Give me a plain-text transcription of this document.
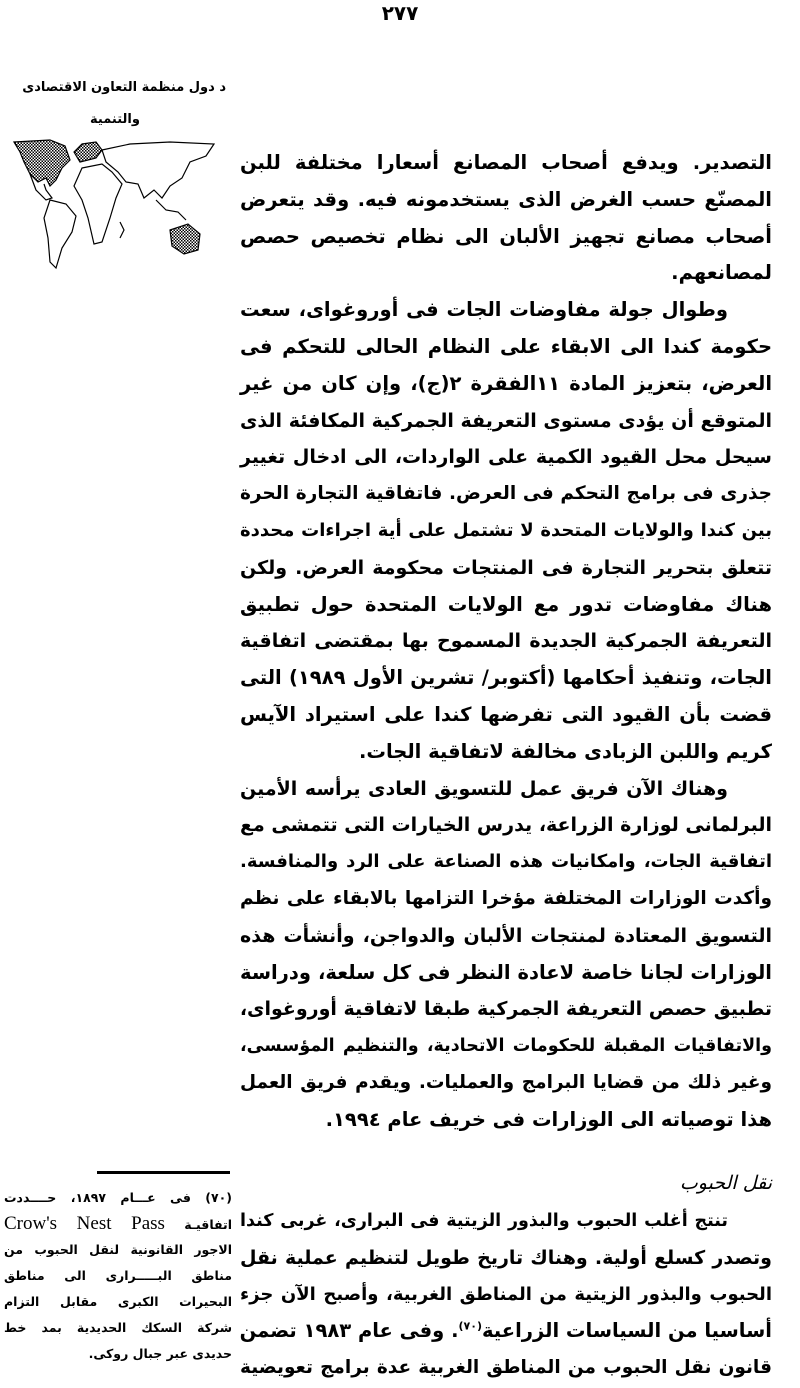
٢٧٧
د دول منظمة التعاون الاقتصادى
والتنمية
التصدير. ويدفع أصحاب المصانع أسعارا مختلفة للبن
المصنّع حسب الغرض الذى يستخدمونه فيه. وقد يتعرض
أصحاب مصانع تجهيز الألبان الى نظام تخصيص حصص
لمصانعهم.
وطوال جولة مفاوضات الجات فى أوروغواى، سعت
حكومة كندا الى الابقاء على النظام الحالى للتحكم فى
العرض، بتعزيز المادة ١١الفقرة ٢(ج)، وإن كان من غير
المتوقع أن يؤدى مستوى التعريفة الجمركية المكافئة الذى
سيحل محل القيود الكمية على الواردات، الى ادخال تغيير
جذرى فى برامج التحكم فى العرض. فاتفاقية التجارة الحرة
بين كندا والولايات المتحدة لا تشتمل على أية اجراءات محددة
تتعلق بتحرير التجارة فى المنتجات محكومة العرض. ولكن
هناك مفاوضات تدور مع الولايات المتحدة حول تطبيق
التعريفة الجمركية الجديدة المسموح بها بمقتضى اتفاقية
الجات، وتنفيذ أحكامها (أكتوبر/ تشرين الأول ١٩٨٩) التى
قضت بأن القيود التى تفرضها كندا على استيراد الآيس
كريم واللبن الزبادى مخالفة لاتفاقية الجات.
وهناك الآن فريق عمل للتسويق العادى يرأسه الأمين
البرلمانى لوزارة الزراعة، يدرس الخيارات التى تتمشى مع
اتفاقية الجات، وامكانيات هذه الصناعة على الرد والمنافسة.
وأكدت الوزارات المختلفة مؤخرا التزامها بالابقاء على نظم
التسويق المعتادة لمنتجات الألبان والدواجن، وأنشأت هذه
الوزارات لجانا خاصة لاعادة النظر فى كل سلعة، ودراسة
تطبيق حصص التعريفة الجمركية طبقا لاتفاقية أوروغواى،
والاتفاقيات المقبلة للحكومات الاتحادية، والتنظيم المؤسسى،
وغير ذلك من قضايا البرامج والعمليات. ويقدم فريق العمل
هذا توصياته الى الوزارات فى خريف عام ١٩٩٤.
نقل الحبوب
تنتج أغلب الحبوب والبذور الزيتية فى البرارى، غربى كندا
وتصدر كسلع أولية. وهناك تاريخ طويل لتنظيم عملية نقل
الحبوب والبذور الزيتية من المناطق الغربية، وأصبح الآن جزء
أساسيا من السياسات الزراعية$^{(٧٠)}$. وفى عام ١٩٨٣ تضمن
قانون نقل الحبوب من المناطق الغربية عدة برامج تعويضية
(٧٠) فى عـــام ١٨٩٧، حــــددت
اتفاقيـة Crow's Nest Pass
الاجور القانونية لنقل الحبوب من
مناطق البـــــرارى الى مناطق
البحيرات الكبرى مقابل التزام
شركة السكك الحديدية بمد خط
حديدى عبر جبال روكى.
